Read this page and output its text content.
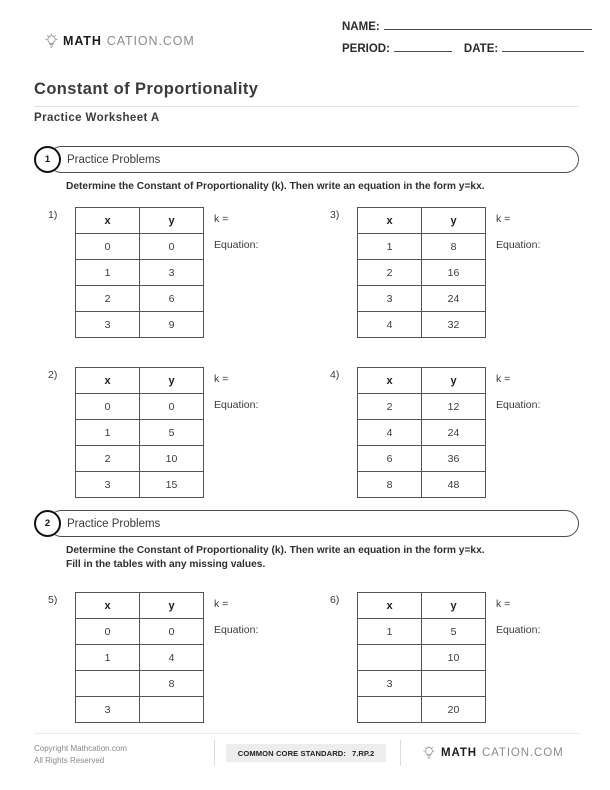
MATH CATION.COM
NAME:
PERIOD:	DATE:
Constant of Proportionality
Practice Worksheet A
Practice Problems
1
Determine the Constant of Proportionality (k). Then write an equation in the form y=kx.
1)	x	y
0	0
1	3
2	6
3	9
k =
Equation:
3)	x	y
1	8
2	16
3	24
4	32
k =
Equation:
2)	x	y
0	0
1	5
2	10
3	15
k =
Equation:
4)	x	y
2	12
4	24
6	36
8	48
k =
Equation:
Practice Problems
2
Determine the Constant of Proportionality (k). Then write an equation in the form y=kx.
Fill in the tables with any missing values.
5)	x	y
0	0
1	4
	8
3	
k =
Equation:
6)	x	y
1	5
	10
3	
	20
k =
Equation:
Copyright Mathcation.com
All Rights Reserved
COMMON CORE STANDARD: 7.RP.2	MATH CATION.COM
